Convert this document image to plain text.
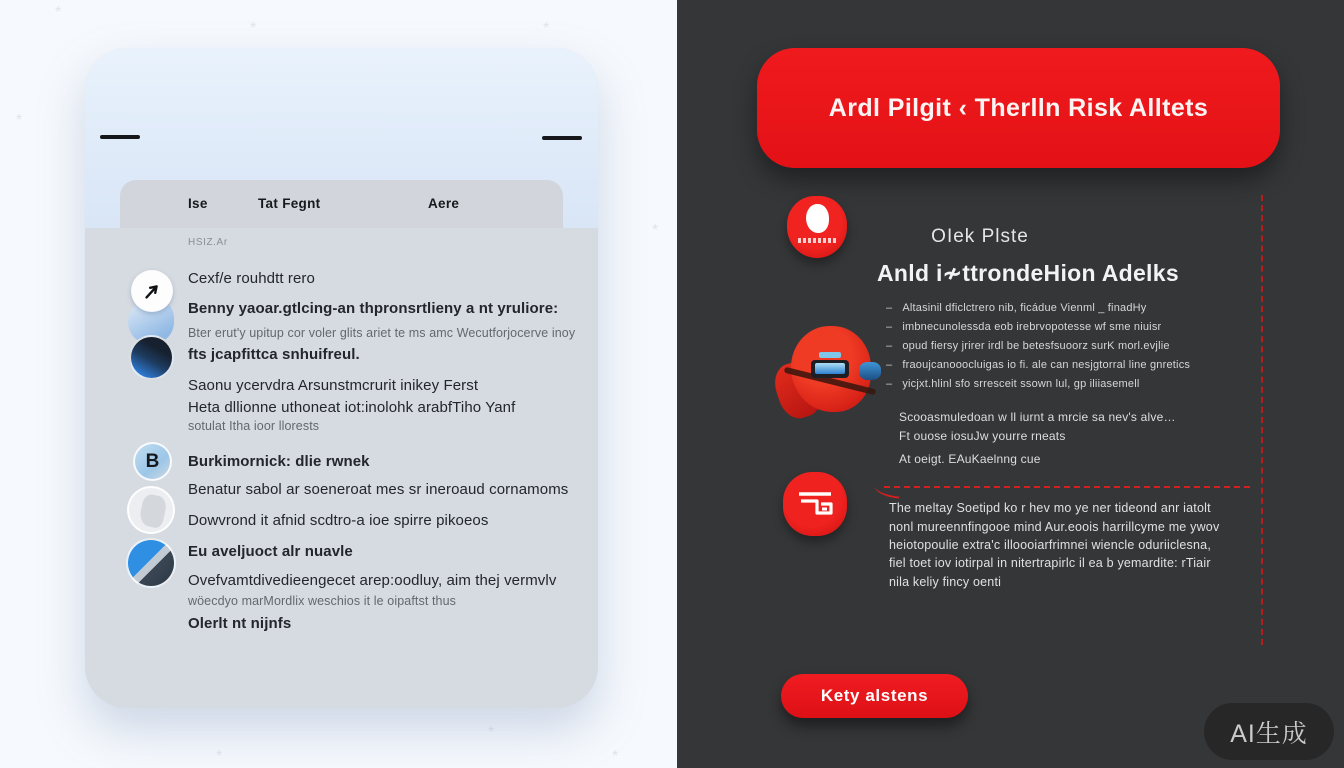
*
*	*
*
*
*
*
*
Ise	Tat Fegnt	Aere
HSIZ.Ar
B
Cexf/e rouhdtt rero
Benny yaoar.gtlcing-an thpronsrtlieny a nt yruliore:
Bter erut'y upitup cor voler glits ariet te ms amc Wecutforjocerve inoy
fts jcapfittca snhuifreul.
Saonu ycervdra Arsunstmcrurit inikey Ferst
Heta dllionne uthoneat iot:inolohk arabfTiho Yanf
sotulat Itha ioor llorests
Burkimornick: dlie rwnek
Benatur sabol ar soeneroat mes sr ineroaud cornamoms
Dowvrond it afnid scdtro-a ioe spirre pikoeos
Eu aveljuoct alr nuavle
Ovefvamtdivedieengecet arep:oodluy, aim thej vermvlv
wöecdyo marMordlix weschios it le oipaftst thus
Olerlt nt nijnfs
Ardl Pilgit ‹ Therlln Risk Alltets
OIek Plste
Anld i≁ttrondeHion Adelks
– Altasinil dficlctrero nib, ficádue Vienml _ finadHy
– imbnecunolessda eob irebrvopotesse wf sme niuisr
– opud fiersy jrirer irdl be betesfsuoorz surK morl.evjlie
– fraoujcanooocluigas io fi. ale can nesjgtorral line gnretics
– yicjxt.hlinl sfo srresceit ssown lul, gp iliiasemell
Scooasmuledoan w ll iurnt a mrcie sa nev's alve…
Ft ouose iosuJw yourre rneats
At oeigt. EAuKaelnng cue
The meltay Soetipd ko r hev mo ye ner tideond anr iatolt
nonl mureennfingooe mind Aur.eoois harrillcyme me ywov
heiotopoulie extra'c illoooiarfrimnei wiencle oduriiclesna,
fiel toet iov iotirpal in nitertrapirlc il ea b yemardite: rTiair
nila keliy fincy oenti
Kety alstens
AI生成
